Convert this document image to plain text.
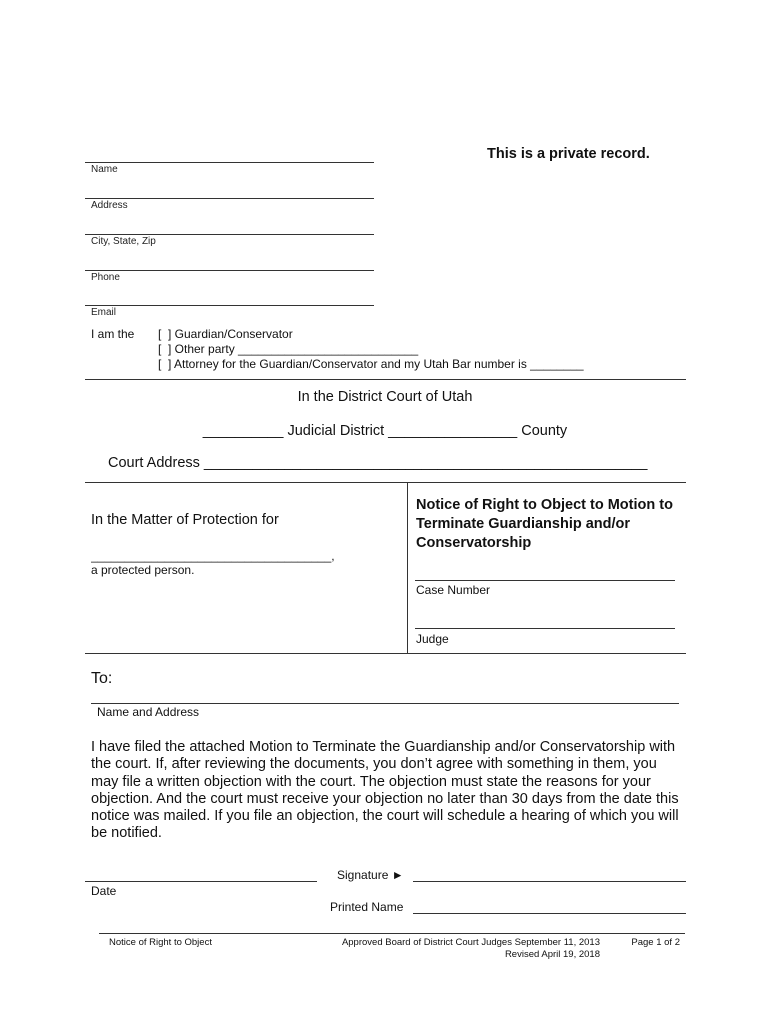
This is a private record.
Name
Address
City, State, Zip
Phone
Email
I am the [  ] Guardian/Conservator
[  ] Other party ___________________________
[  ] Attorney for the Guardian/Conservator and my Utah Bar number is ________
In the District Court of Utah
__________ Judicial District ________________ County
Court Address _______________________________________________________
In the Matter of Protection for
____________________________________,
a protected person.
Notice of Right to Object to Motion to Terminate Guardianship and/or Conservatorship
Case Number
Judge
To:
Name and Address
I have filed the attached Motion to Terminate the Guardianship and/or Conservatorship with the court. If, after reviewing the documents, you don’t agree with something in them, you may file a written objection with the court. The objection must state the reasons for your objection. And the court must receive your objection no later than 30 days from the date this notice was mailed. If you file an objection, the court will schedule a hearing of which you will be notified.
Signature ►
Date
Printed Name
Notice of Right to Object	Approved Board of District Court Judges September 11, 2013
Revised April 19, 2018
Page 1 of 2
